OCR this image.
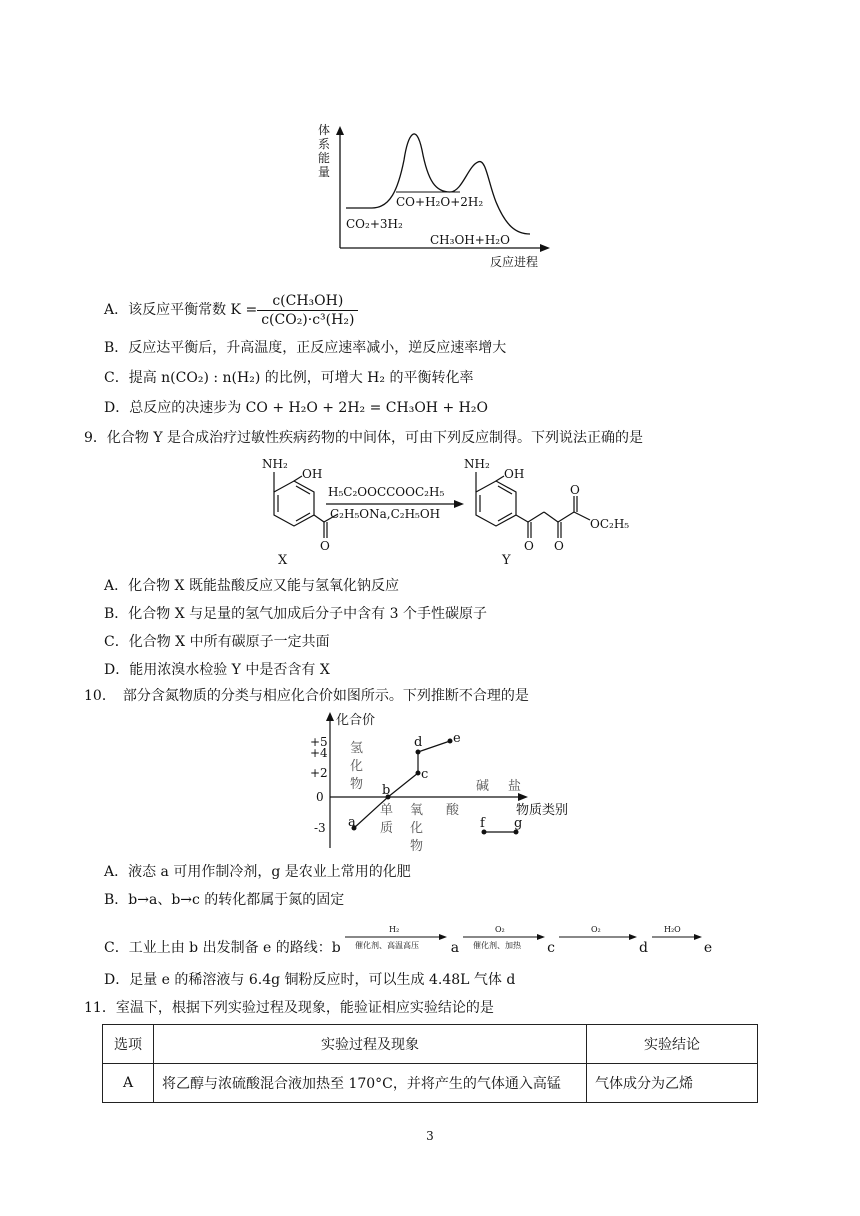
体
系
能
量
CO₂+3H₂
CO+H₂O+2H₂
CH₃OH+H₂O
反应进程
A．该反应平衡常数 $K = \frac{\text{c(CH₃OH)}}{\text{c(CO₂)·c³(H₂)}}$
B．反应达平衡后，升高温度，正反应速率减小，逆反应速率增大
C．提高 n(CO₂) : n(H₂) 的比例，可增大 H₂ 的平衡转化率
D．总反应的决速步为 CO + H₂O + 2H₂ = CH₃OH + H₂O
9．化合物 Y 是合成治疗过敏性疾病药物的中间体，可由下列反应制得。下列说法正确的是
NH₂
OH
O
X
H₅C₂OOCCOOC₂H₅
C₂H₅ONa,C₂H₅OH
NH₂
OH
O O
O
OC₂H₅
Y
A．化合物 X 既能盐酸反应又能与氢氧化钠反应
B．化合物 X 与足量的氢气加成后分子中含有 3 个手性碳原子
C．化合物 X 中所有碳原子一定共面
D．能用浓溴水检验 Y 中是否含有 X
10．　部分含氮物质的分类与相应化合价如图所示。下列推断不合理的是
化合价
物质类别
+5
+4
+2
0
-3
氢
化
物
单
质
氧
化
物
酸
碱 盐
a
b
c
d e
f g
A．液态 a 可用作制冷剂，g 是农业上常用的化肥
B．b→a、b→c 的转化都属于氮的固定
C．工业上由 b 出发制备 e 的路线： b
H₂
催化剂、高温高压 a
O₂
催化剂、加热 c
O₂
d
H₂O
e
D．足量 e 的稀溶液与 6.4g 铜粉反应时，可以生成 4.48L 气体 d
11．室温下，根据下列实验过程及现象，能验证相应实验结论的是
选项	实验过程及现象	实验结论
A	将乙醇与浓硫酸混合液加热至 170°C，并将产生的气体通入高锰	气体成分为乙烯
3
